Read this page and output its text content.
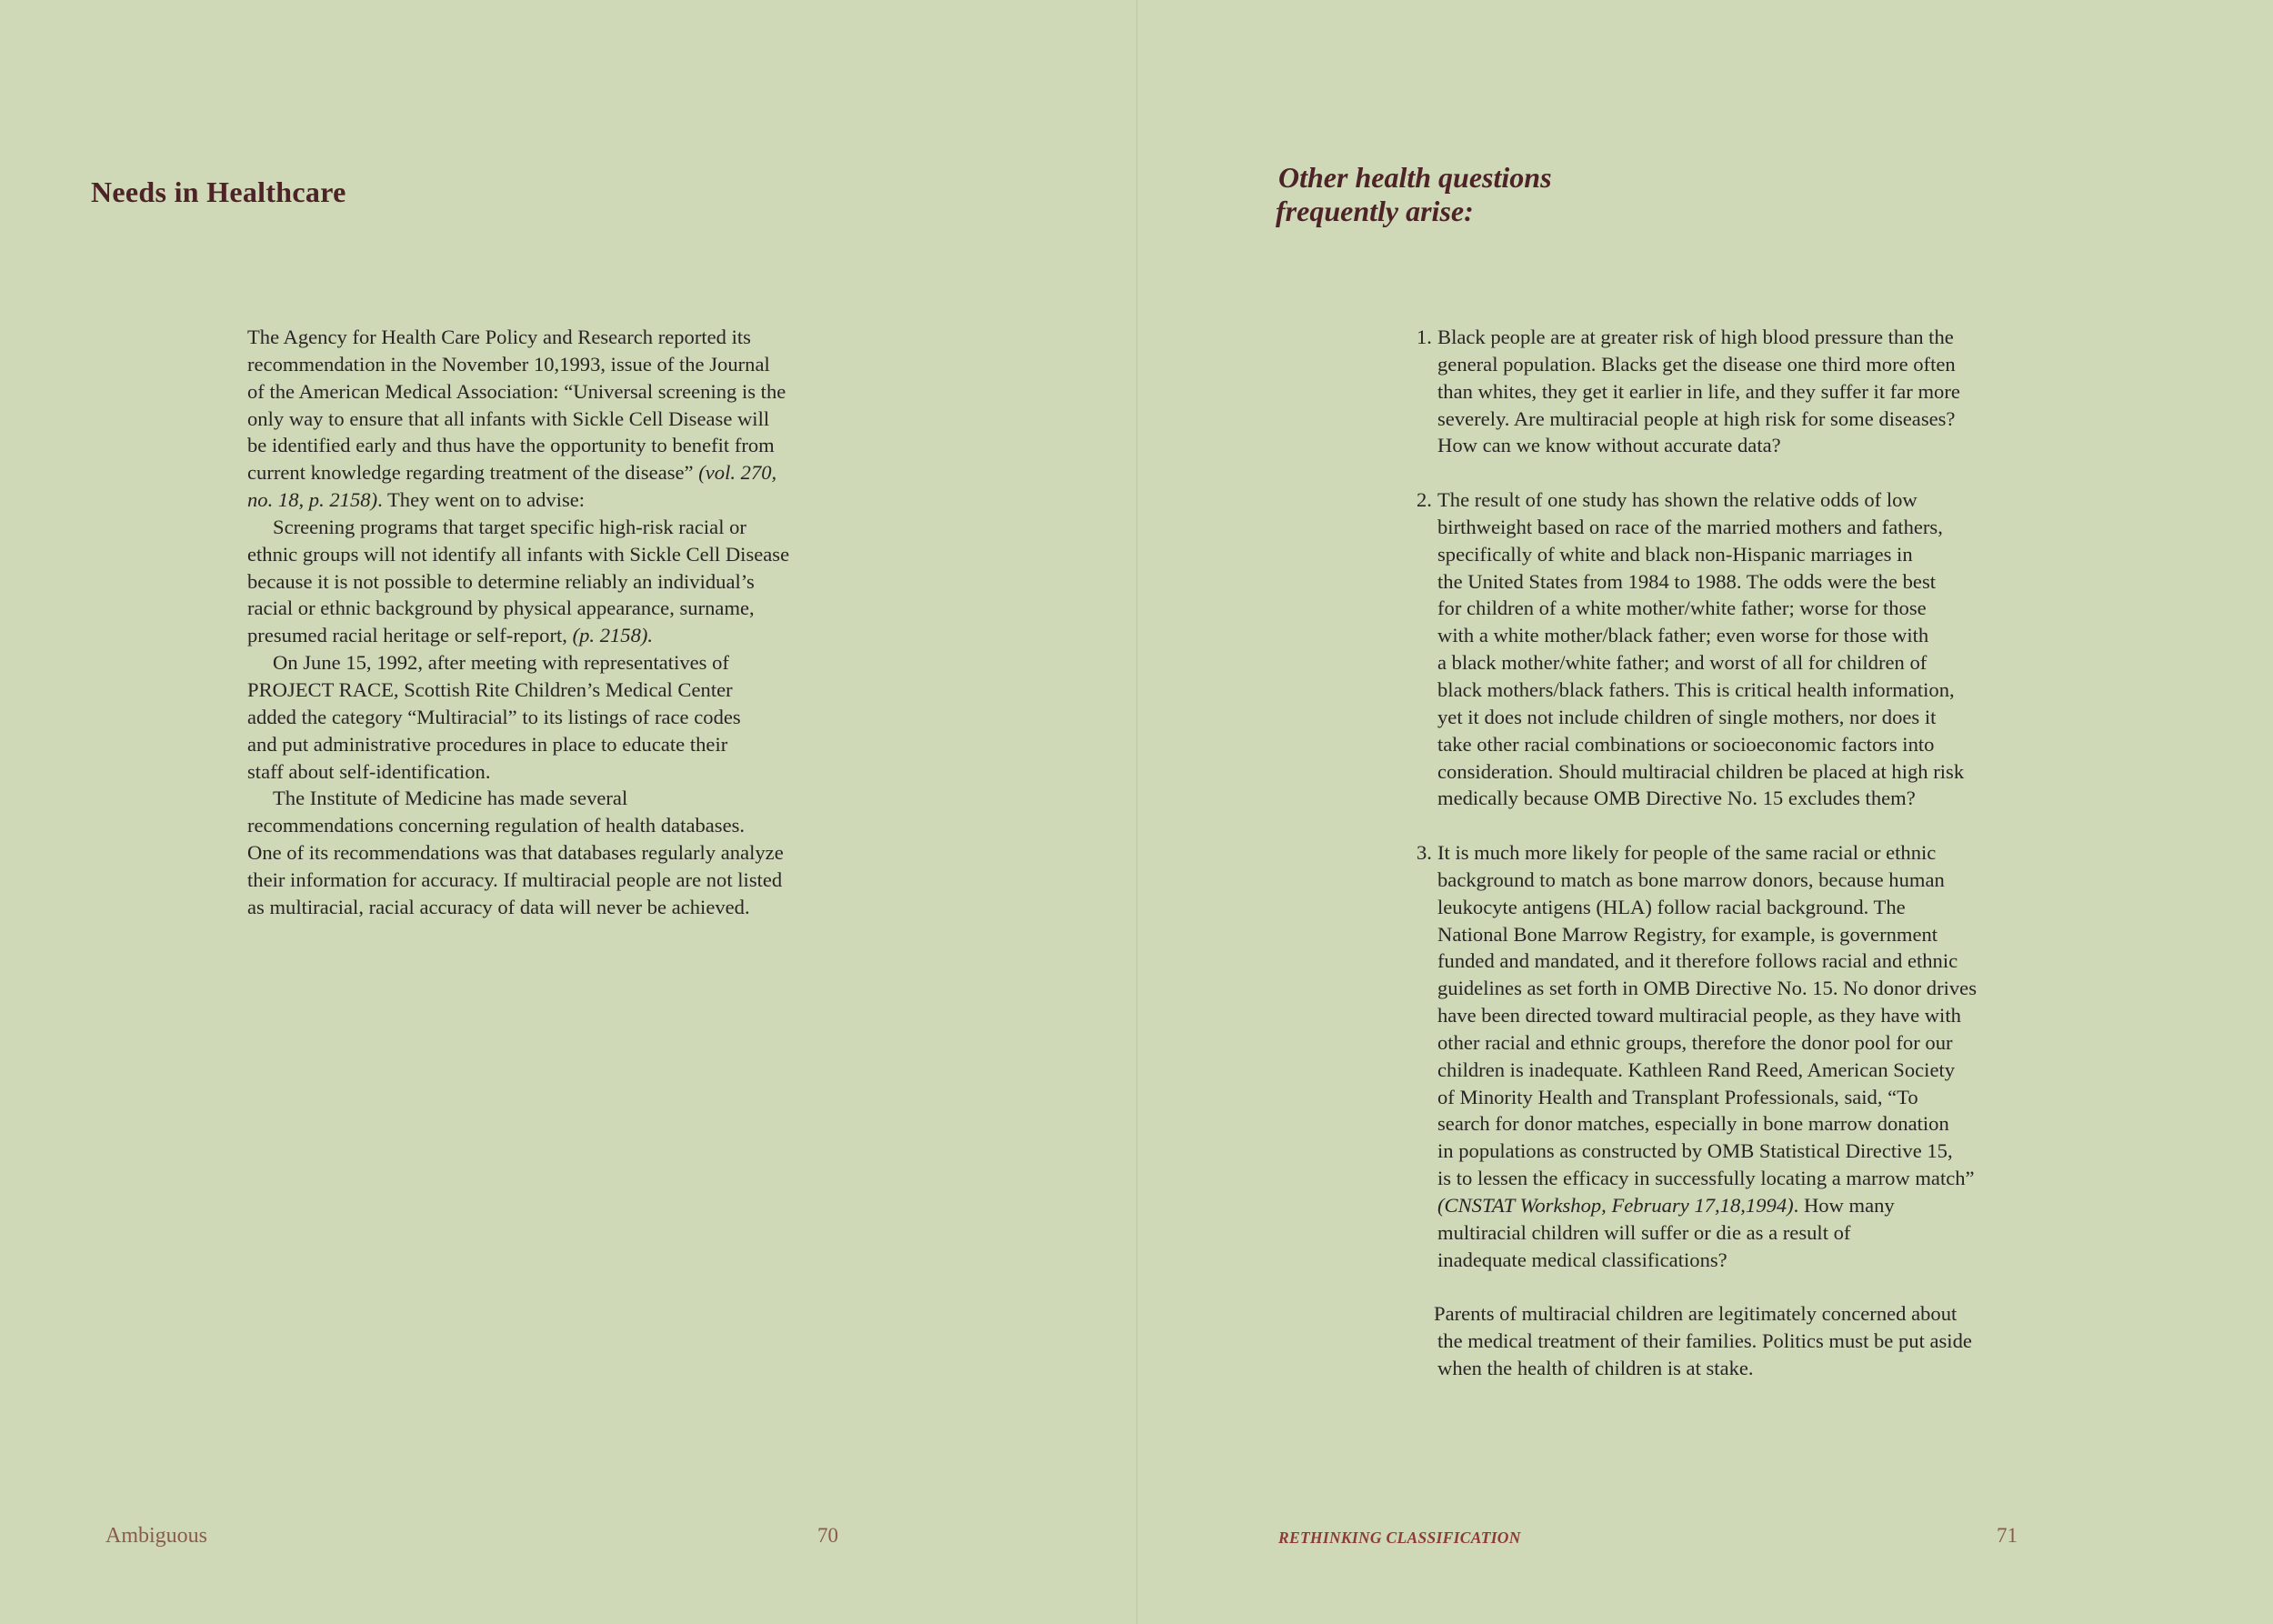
Needs in Healthcare
The Agency for Health Care Policy and Research reported its
recommendation in the November 10,1993, issue of the Journal
of the American Medical Association: “Universal screening is the
only way to ensure that all infants with Sickle Cell Disease will
be identified early and thus have the opportunity to benefit from
current knowledge regarding treatment of the disease” (vol. 270,
no. 18, p. 2158). They went on to advise:
Screening programs that target specific high-risk racial or
ethnic groups will not identify all infants with Sickle Cell Disease
because it is not possible to determine reliably an individual’s
racial or ethnic background by physical appearance, surname,
presumed racial heritage or self-report, (p. 2158).
On June 15, 1992, after meeting with representatives of
PROJECT RACE, Scottish Rite Children’s Medical Center
added the category “Multiracial” to its listings of race codes
and put administrative procedures in place to educate their
staff about self-identification.
The Institute of Medicine has made several
recommendations concerning regulation of health databases.
One of its recommendations was that databases regularly analyze
their information for accuracy. If multiracial people are not listed
as multiracial, racial accuracy of data will never be achieved.
Ambiguous	70
Other health questions
frequently arise:
1. Black people are at greater risk of high blood pressure than the
general population. Blacks get the disease one third more often
than whites, they get it earlier in life, and they suffer it far more
severely. Are multiracial people at high risk for some diseases?
How can we know without accurate data?
2. The result of one study has shown the relative odds of low
birthweight based on race of the married mothers and fathers,
specifically of white and black non-Hispanic marriages in
the United States from 1984 to 1988. The odds were the best
for children of a white mother/white father; worse for those
with a white mother/black father; even worse for those with
a black mother/white father; and worst of all for children of
black mothers/black fathers. This is critical health information,
yet it does not include children of single mothers, nor does it
take other racial combinations or socioeconomic factors into
consideration. Should multiracial children be placed at high risk
medically because OMB Directive No. 15 excludes them?
3. It is much more likely for people of the same racial or ethnic
background to match as bone marrow donors, because human
leukocyte antigens (HLA) follow racial background. The
National Bone Marrow Registry, for example, is government
funded and mandated, and it therefore follows racial and ethnic
guidelines as set forth in OMB Directive No. 15. No donor drives
have been directed toward multiracial people, as they have with
other racial and ethnic groups, therefore the donor pool for our
children is inadequate. Kathleen Rand Reed, American Society
of Minority Health and Transplant Professionals, said, “To
search for donor matches, especially in bone marrow donation
in populations as constructed by OMB Statistical Directive 15,
is to lessen the efficacy in successfully locating a marrow match”
(CNSTAT Workshop, February 17,18,1994). How many
multiracial children will suffer or die as a result of
inadequate medical classifications?
Parents of multiracial children are legitimately concerned about
the medical treatment of their families. Politics must be put aside
when the health of children is at stake.
RETHINKING CLASSIFICATION	71
